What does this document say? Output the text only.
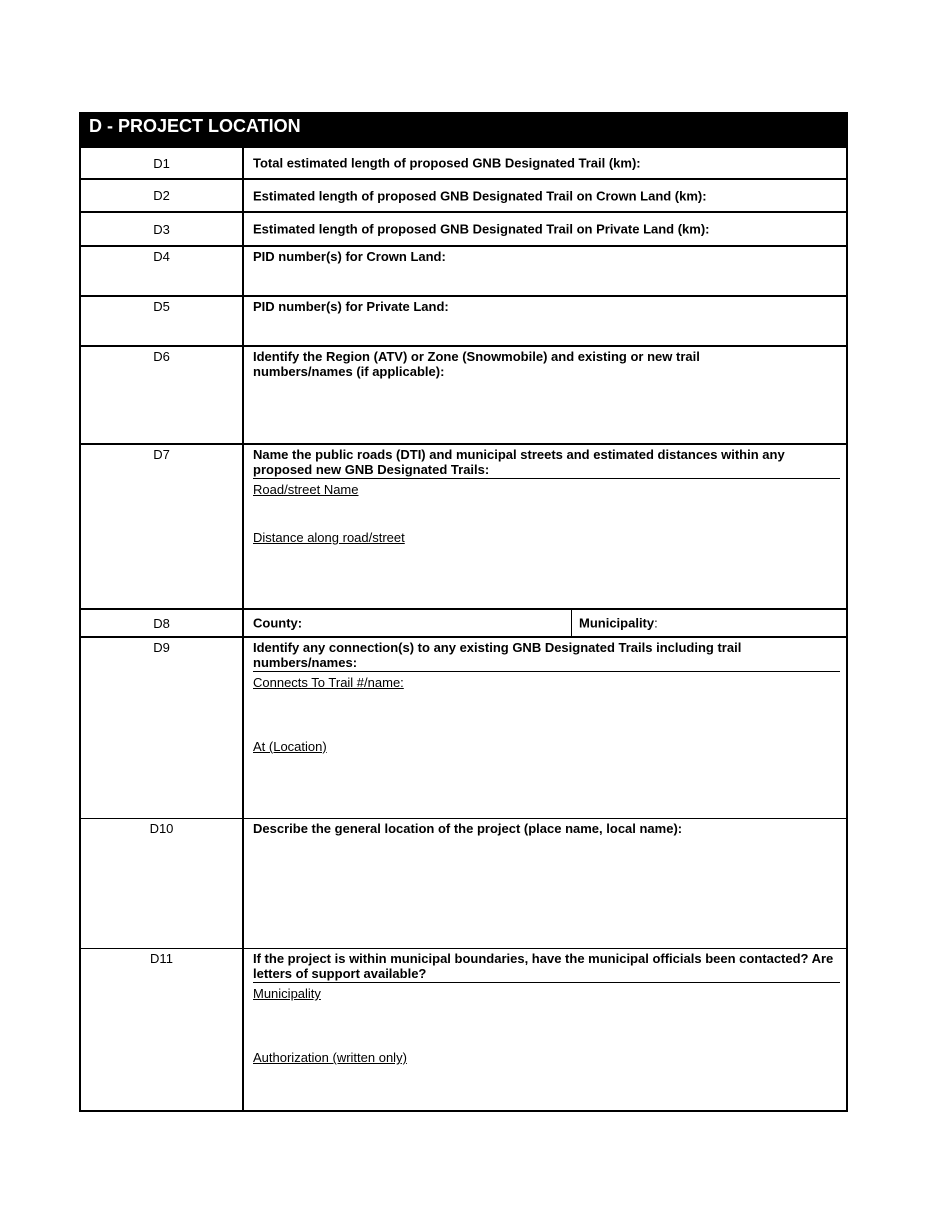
D - PROJECT LOCATION
D1	Total estimated length of proposed GNB Designated Trail (km):
D2	Estimated length of proposed GNB Designated Trail on Crown Land (km):
D3	Estimated length of proposed GNB Designated Trail on Private Land (km):
D4	PID number(s) for Crown Land:
D5	PID number(s) for Private Land:
D6	Identify the Region (ATV) or Zone (Snowmobile) and existing or new trail numbers/names (if applicable):
D7	Name the public roads (DTI) and municipal streets and estimated distances within any proposed new GNB Designated Trails:
Road/street Name
Distance along road/street
D8	County:	Municipality:
D9	Identify any connection(s) to any existing GNB Designated Trails including trail numbers/names:
Connects To Trail #/name:
At (Location)
D10	Describe the general location of the project (place name, local name):
D11	If the project is within municipal boundaries, have the municipal officials been contacted? Are letters of support available?
Municipality
Authorization (written only)
